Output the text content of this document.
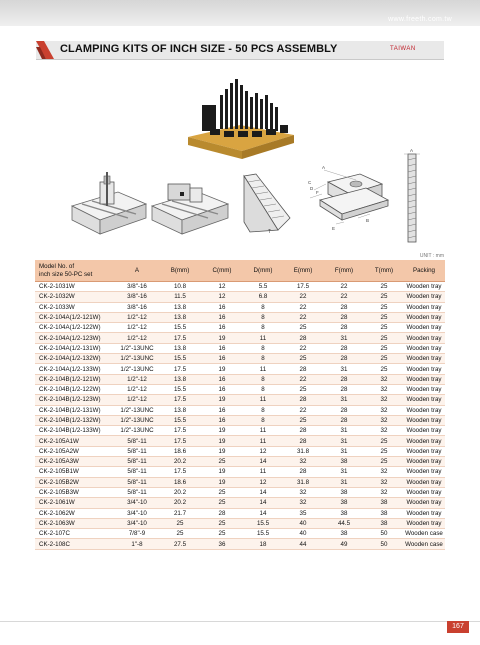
www.freeth.com.tw
CLAMPING KITS OF INCH SIZE - 50 PCS ASSEMBLY	TAIWAN
T
A
C
D
F
E
B
A
UNIT : mm
Model No. of
inch size 50-PC set	A	B(mm)	C(mm)	D(mm)	E(mm)	F(mm)	T(mm)	Packing
CK-2-1031W	3/8"-16	10.8	12	5.5	17.5	22	25	Wooden tray
CK-2-1032W	3/8"-16	11.5	12	6.8	22	22	25	Wooden tray
CK-2-1033W	3/8"-16	13.8	16	8	22	28	25	Wooden tray
CK-2-104A(1/2-121W)	1/2"-12	13.8	16	8	22	28	25	Wooden tray
CK-2-104A(1/2-122W)	1/2"-12	15.5	16	8	25	28	25	Wooden tray
CK-2-104A(1/2-123W)	1/2"-12	17.5	19	11	28	31	25	Wooden tray
CK-2-104A(1/2-131W)	1/2"-13UNC	13.8	16	8	22	28	25	Wooden tray
CK-2-104A(1/2-132W)	1/2"-13UNC	15.5	16	8	25	28	25	Wooden tray
CK-2-104A(1/2-133W)	1/2"-13UNC	17.5	19	11	28	31	25	Wooden tray
CK-2-104B(1/2-121W)	1/2"-12	13.8	16	8	22	28	32	Wooden tray
CK-2-104B(1/2-122W)	1/2"-12	15.5	16	8	25	28	32	Wooden tray
CK-2-104B(1/2-123W)	1/2"-12	17.5	19	11	28	31	32	Wooden tray
CK-2-104B(1/2-131W)	1/2"-13UNC	13.8	16	8	22	28	32	Wooden tray
CK-2-104B(1/2-132W)	1/2"-13UNC	15.5	16	8	25	28	32	Wooden tray
CK-2-104B(1/2-133W)	1/2"-13UNC	17.5	19	11	28	31	32	Wooden tray
CK-2-105A1W	5/8"-11	17.5	19	11	28	31	25	Wooden tray
CK-2-105A2W	5/8"-11	18.6	19	12	31.8	31	25	Wooden tray
CK-2-105A3W	5/8"-11	20.2	25	14	32	38	25	Wooden tray
CK-2-105B1W	5/8"-11	17.5	19	11	28	31	32	Wooden tray
CK-2-105B2W	5/8"-11	18.6	19	12	31.8	31	32	Wooden tray
CK-2-105B3W	5/8"-11	20.2	25	14	32	38	32	Wooden tray
CK-2-1061W	3/4"-10	20.2	25	14	32	38	38	Wooden tray
CK-2-1062W	3/4"-10	21.7	28	14	35	38	38	Wooden tray
CK-2-1063W	3/4"-10	25	25	15.5	40	44.5	38	Wooden tray
CK-2-107C	7/8"-9	25	25	15.5	40	38	50	Wooden case
CK-2-108C	1"-8	27.5	36	18	44	49	50	Wooden case
167
